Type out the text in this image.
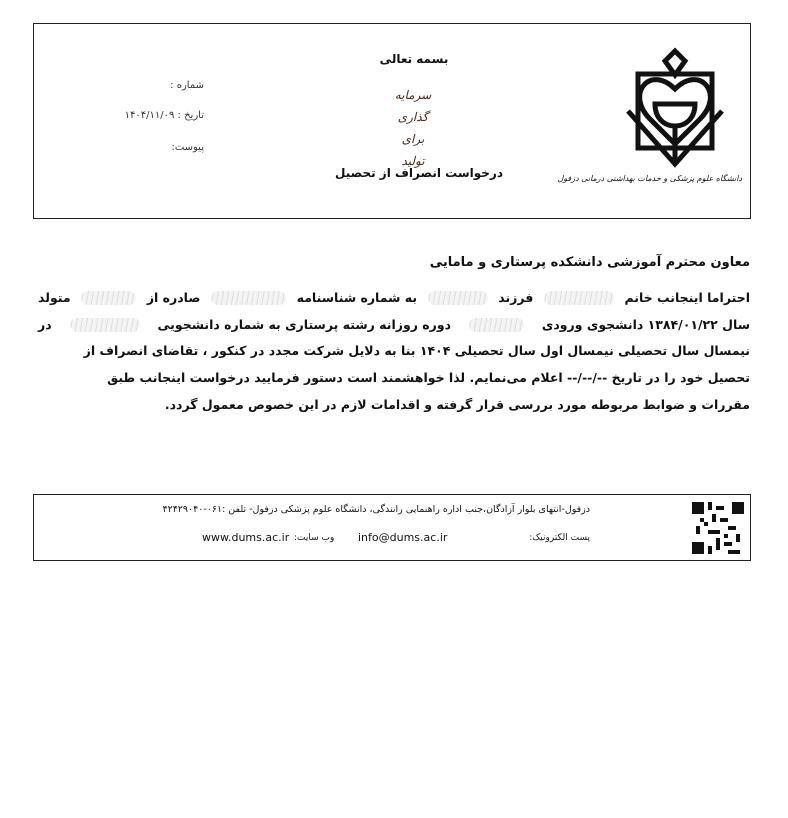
دانشگاه علوم پزشکی و خدمات بهداشتی درمانی دزفول
بسمه تعالی
سرمایه گذاری
برای
تولید
درخواست انصراف از تحصیل
شماره :
تاریخ : ۱۴۰۴/۱۱/۰۹
پیوست:
معاون محترم آموزشی دانشکده پرستاری و مامایی
احتراما اینجانب خانم
فرزند
به شماره شناسنامه
صادره از
متولد
سال ۱۳۸۴/۰۱/۲۲ دانشجوی ورودی
دوره روزانه رشته پرستاری به شماره دانشجویی
در
نیمسال سال تحصیلی نیمسال اول سال تحصیلی ۱۴۰۴ بنا به دلایل شرکت مجدد در کنکور ، تقاضای انصراف از
تحصیل خود را در تاریخ --/--/-- اعلام می‌نمایم. لذا خواهشمند است دستور فرمایید درخواست اینجانب طبق
مقررات و ضوابط مربوطه مورد بررسی قرار گرفته و اقدامات لازم در این خصوص معمول گردد.
دزفول-انتهای بلوار آزادگان،جنب اداره راهنمایی رانندگی، دانشگاه علوم پزشکی دزفول- تلفن :۰۶۱-۴۲۴۲۹۰۴۰
پست الکترونیک:
info@dums.ac.ir
وب سایت:
www.dums.ac.ir
